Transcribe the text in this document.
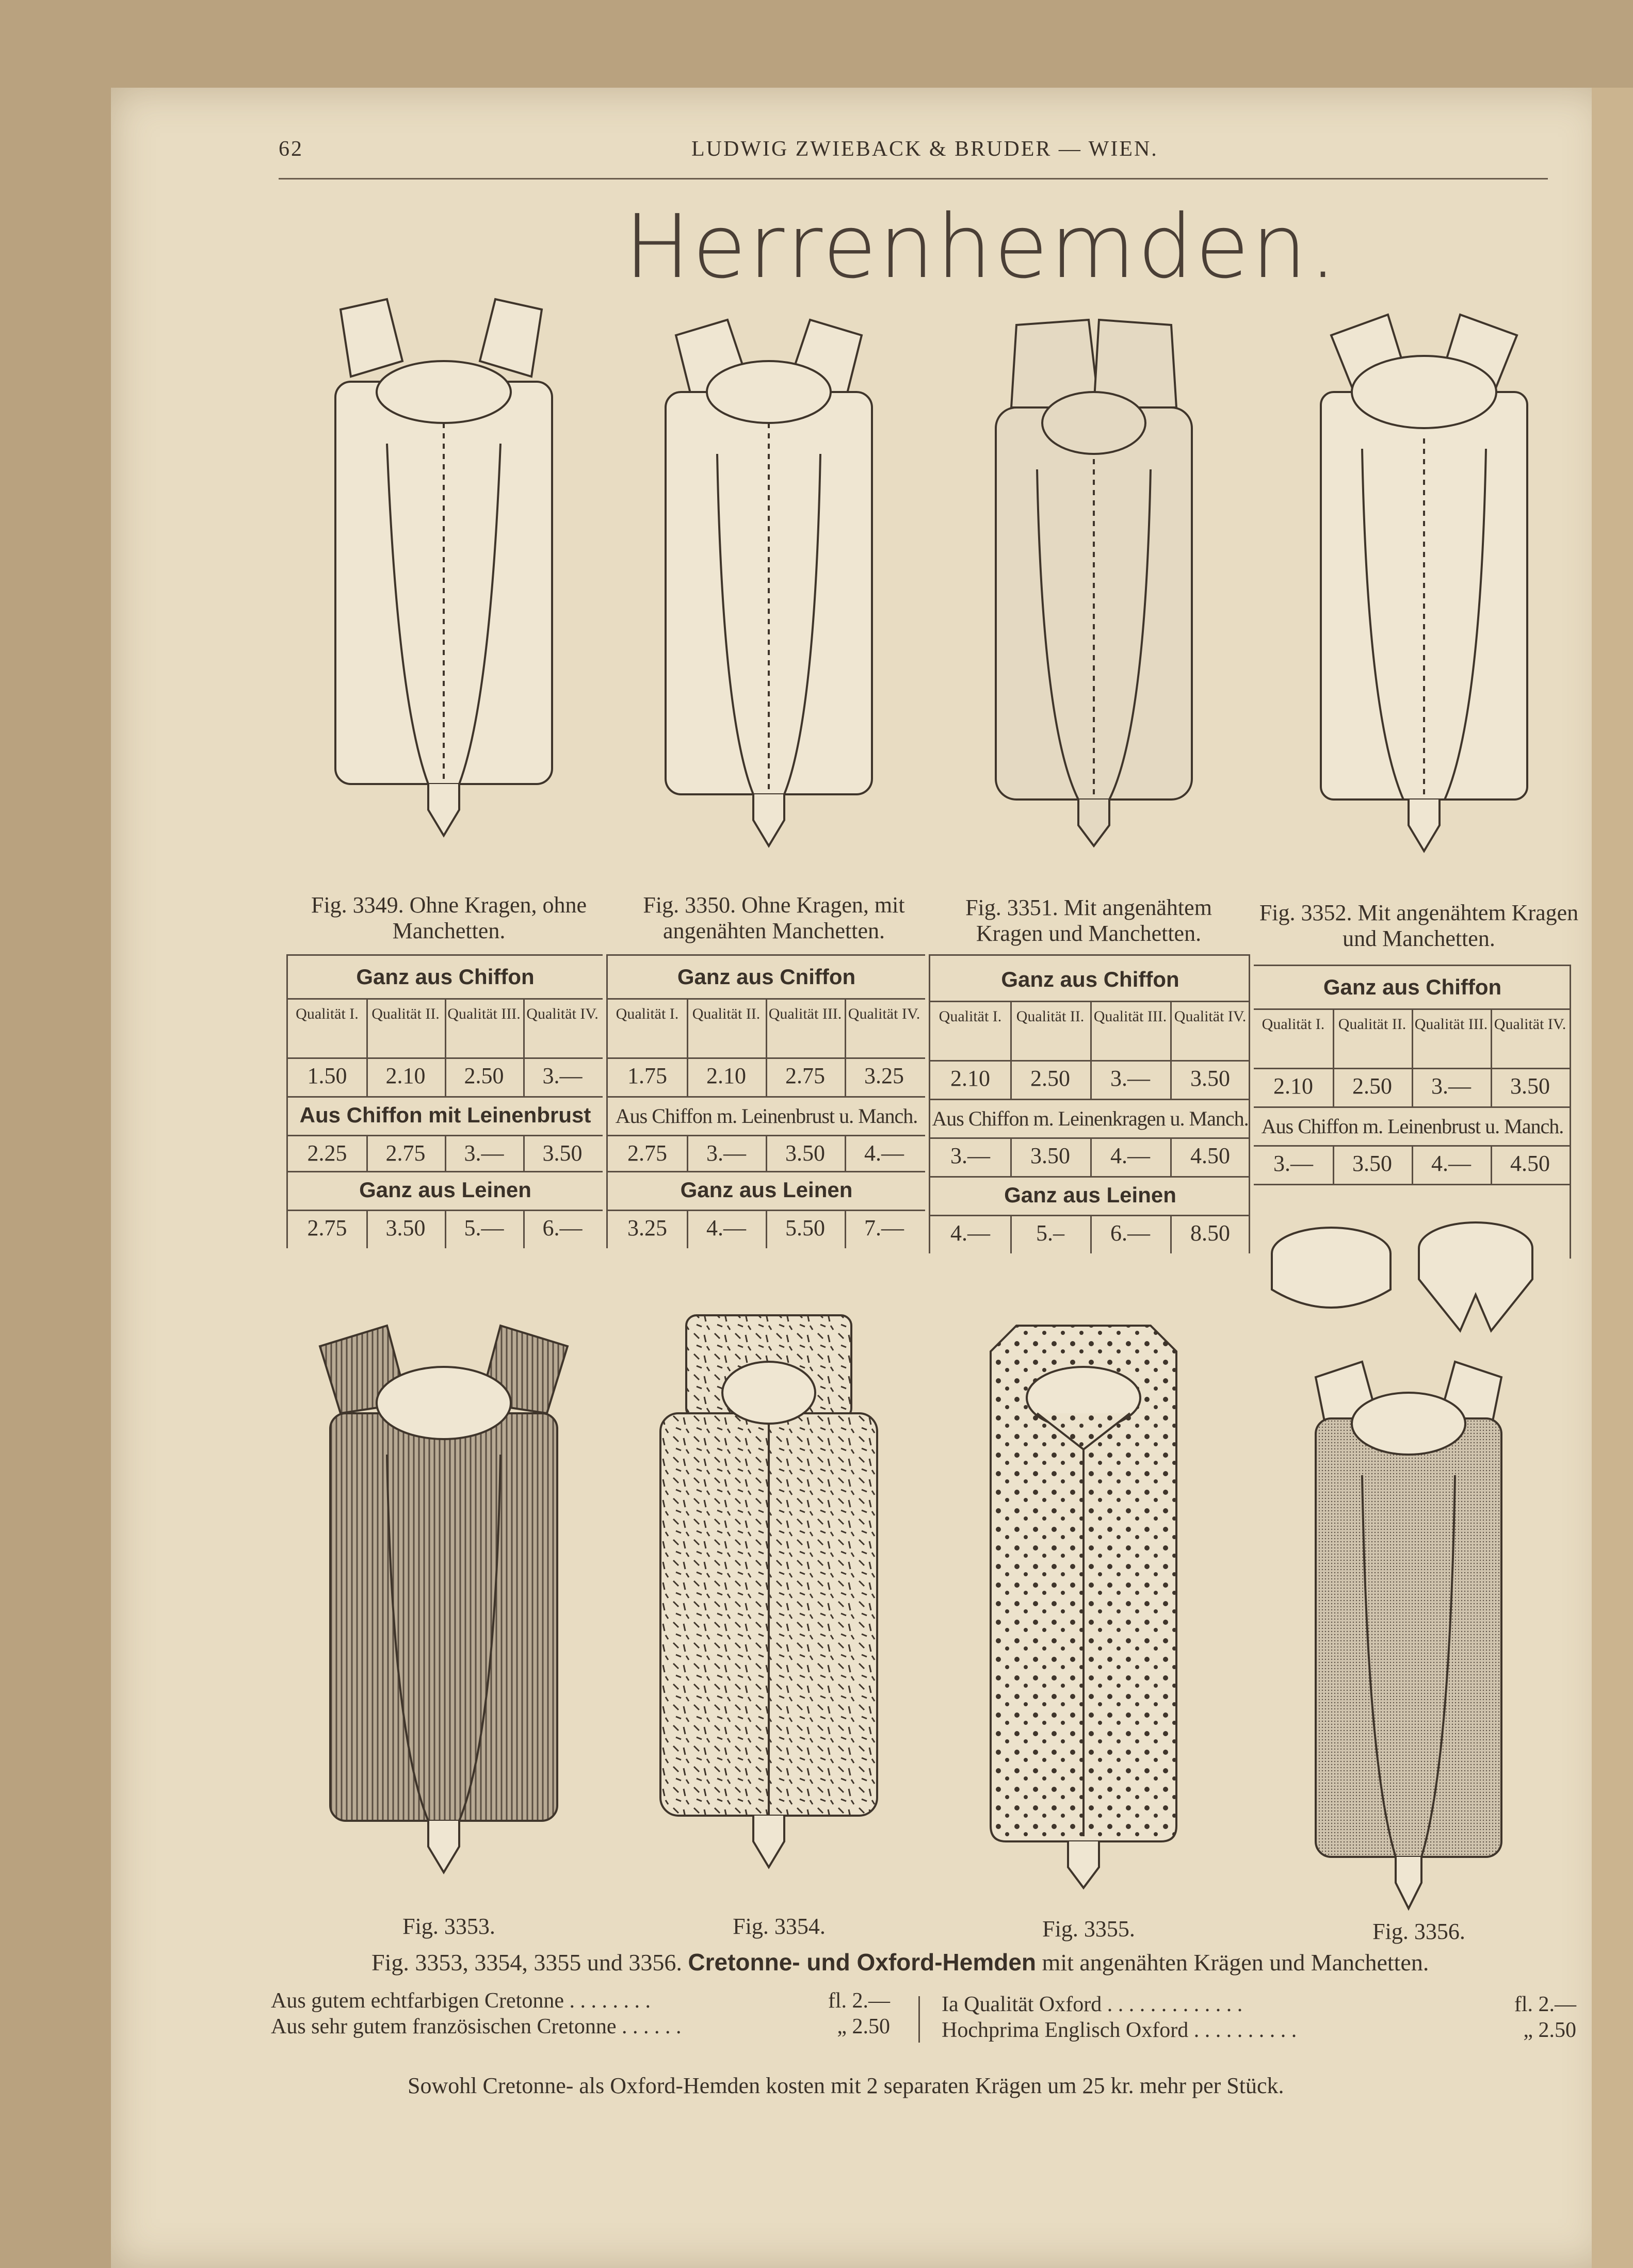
62	LUDWIG ZWIEBACK & BRUDER — WIEN.
Herrenhemden.
Fig. 3349. Ohne Kragen, ohne Manchetten.
Fig. 3350. Ohne Kragen, mit angenähten Manchetten.
Fig. 3351. Mit angenähtem Kragen und Manchetten.
Fig. 3352. Mit angenähtem Kragen und Manchetten.
Ganz aus Chiffon
Qualität I. Qualität II. Qualität III. Qualität IV.
1.50	2.10	2.50	3.—
Aus Chiffon mit Leinenbrust
2.25	2.75	3.—	3.50
Ganz aus Leinen
2.75	3.50	5.—	6.—
Ganz aus Cniffon
Qualität I. Qualität II. Qualität III. Qualität IV.
1.75	2.10	2.75	3.25
Aus Chiffon m. Leinenbrust u. Manch.
2.75	3.—	3.50	4.—
Ganz aus Leinen
3.25	4.—	5.50	7.—
Ganz aus Chiffon
Qualität I. Qualität II. Qualität III. Qualität IV.
2.10	2.50	3.—	3.50
Aus Chiffon m. Leinenkragen u. Manch.
3.—	3.50	4.—	4.50
Ganz aus Leinen
4.—	5.–	6.—	8.50
Ganz aus Chiffon
Qualität I. Qualität II. Qualität III. Qualität IV.
2.10	2.50	3.—	3.50
Aus Chiffon m. Leinenbrust u. Manch.
3.—	3.50	4.—	4.50
Fig. 3353.	Fig. 3354.	Fig. 3355.	Fig. 3356.
Fig. 3353, 3354, 3355 und 3356. Cretonne- und Oxford-Hemden mit angenähten Krägen und Manchetten.
Aus gutem echtfarbigen Cretonne . . . . . . . .	fl. 2.—
Aus sehr gutem französischen Cretonne . . . . . .	„ 2.50
Ia Qualität Oxford . . . . . . . . . . . . .	fl. 2.—
Hochprima Englisch Oxford . . . . . . . . . .	„ 2.50
Sowohl Cretonne- als Oxford-Hemden kosten mit 2 separaten Krägen um 25 kr. mehr per Stück.
